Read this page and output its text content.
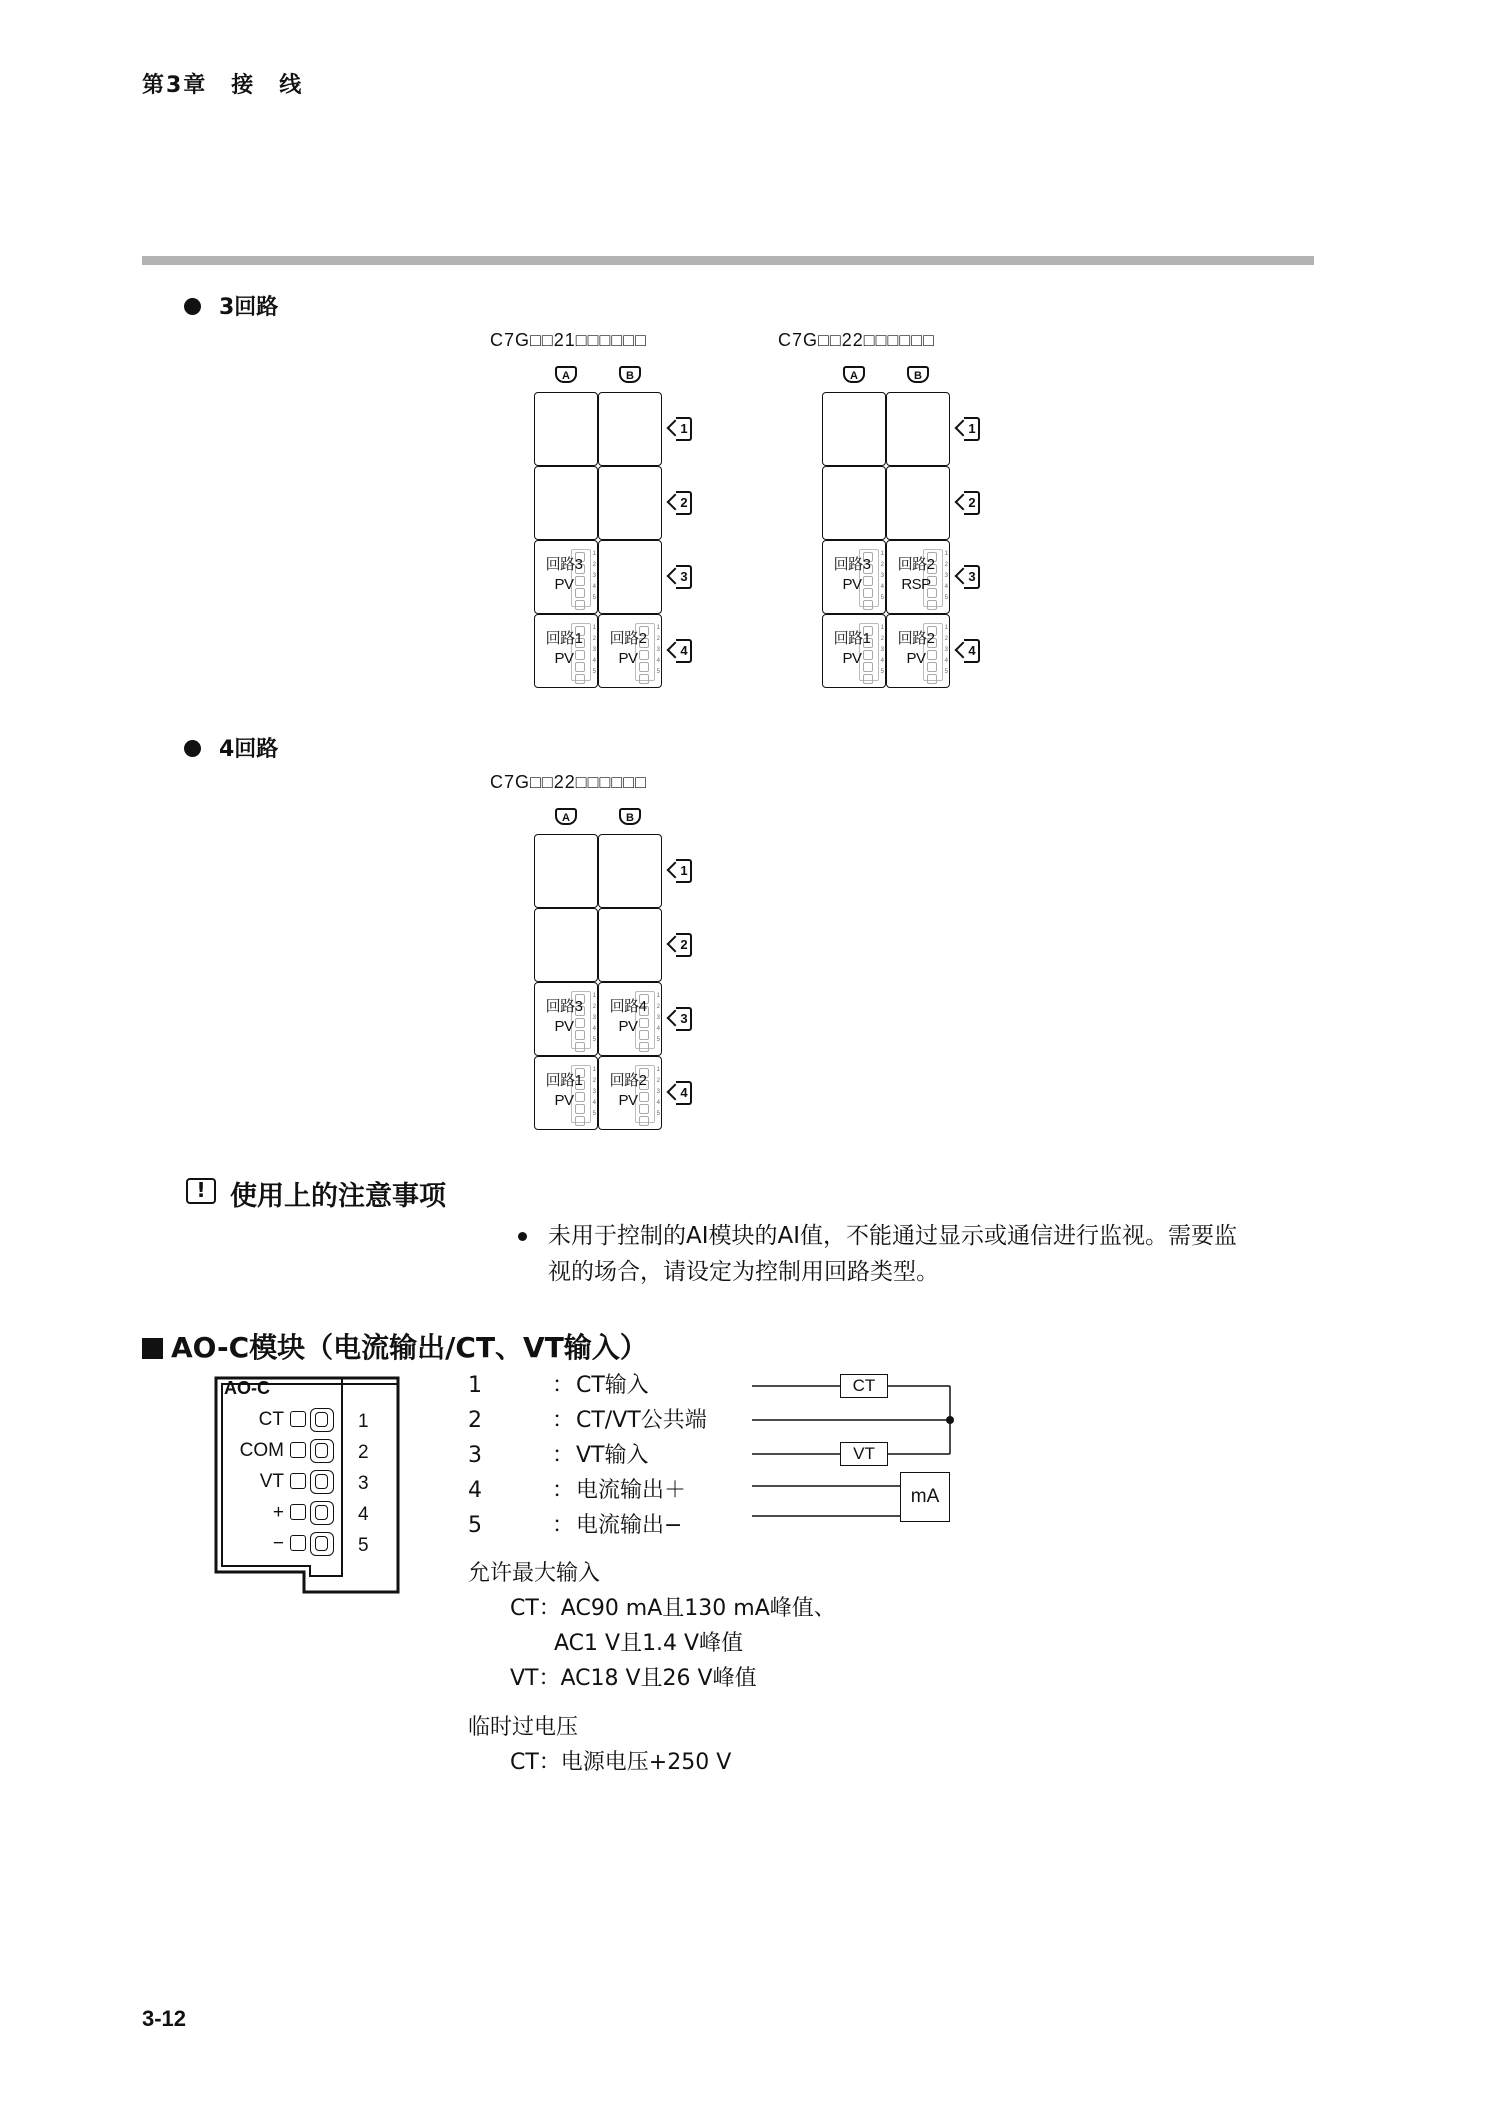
第3章　接　线
3回路
C7G□□21□□□□□□
A	B
1
2
3
1
2
3
4
5
回路3
PV
4
1
2
3
4
5
回路1
PV
1
2
3
4
5
回路2
PV
C7G□□22□□□□□□
A	B
1
2
3
1
2
3
4
5
回路3
PV
1
2
3
4
5
回路2
RSP
4
1
2
3
4
5
回路1
PV
1
2
3
4
5
回路2
PV
4回路
C7G□□22□□□□□□
A	B
1
2
3
1
2
3
4
5
回路3
PV
1
2
3
4
5
回路4
PV
4
1
2
3
4
5
回路1
PV
1
2
3
4
5
回路2
PV
! 使用上的注意事项
未用于控制的AI模块的AI值，不能通过显示或通信进行监视。需要监
视的场合，请设定为控制用回路类型。
AO-C模块（电流输出/CT、VT输入）
AO-C
CT	1
COM	2
VT	3
+	4
−	5
1	：CT输入
2	：CT/VT公共端
3	：VT输入
4	：电流输出＋
5	：电流输出−
CT
VT
mA
允许最大输入
CT：AC90 mA且130 mA峰值、
　　AC1 V且1.4 V峰值
VT：AC18 V且26 V峰值
临时过电压
CT：电源电压+250 V
3-12
